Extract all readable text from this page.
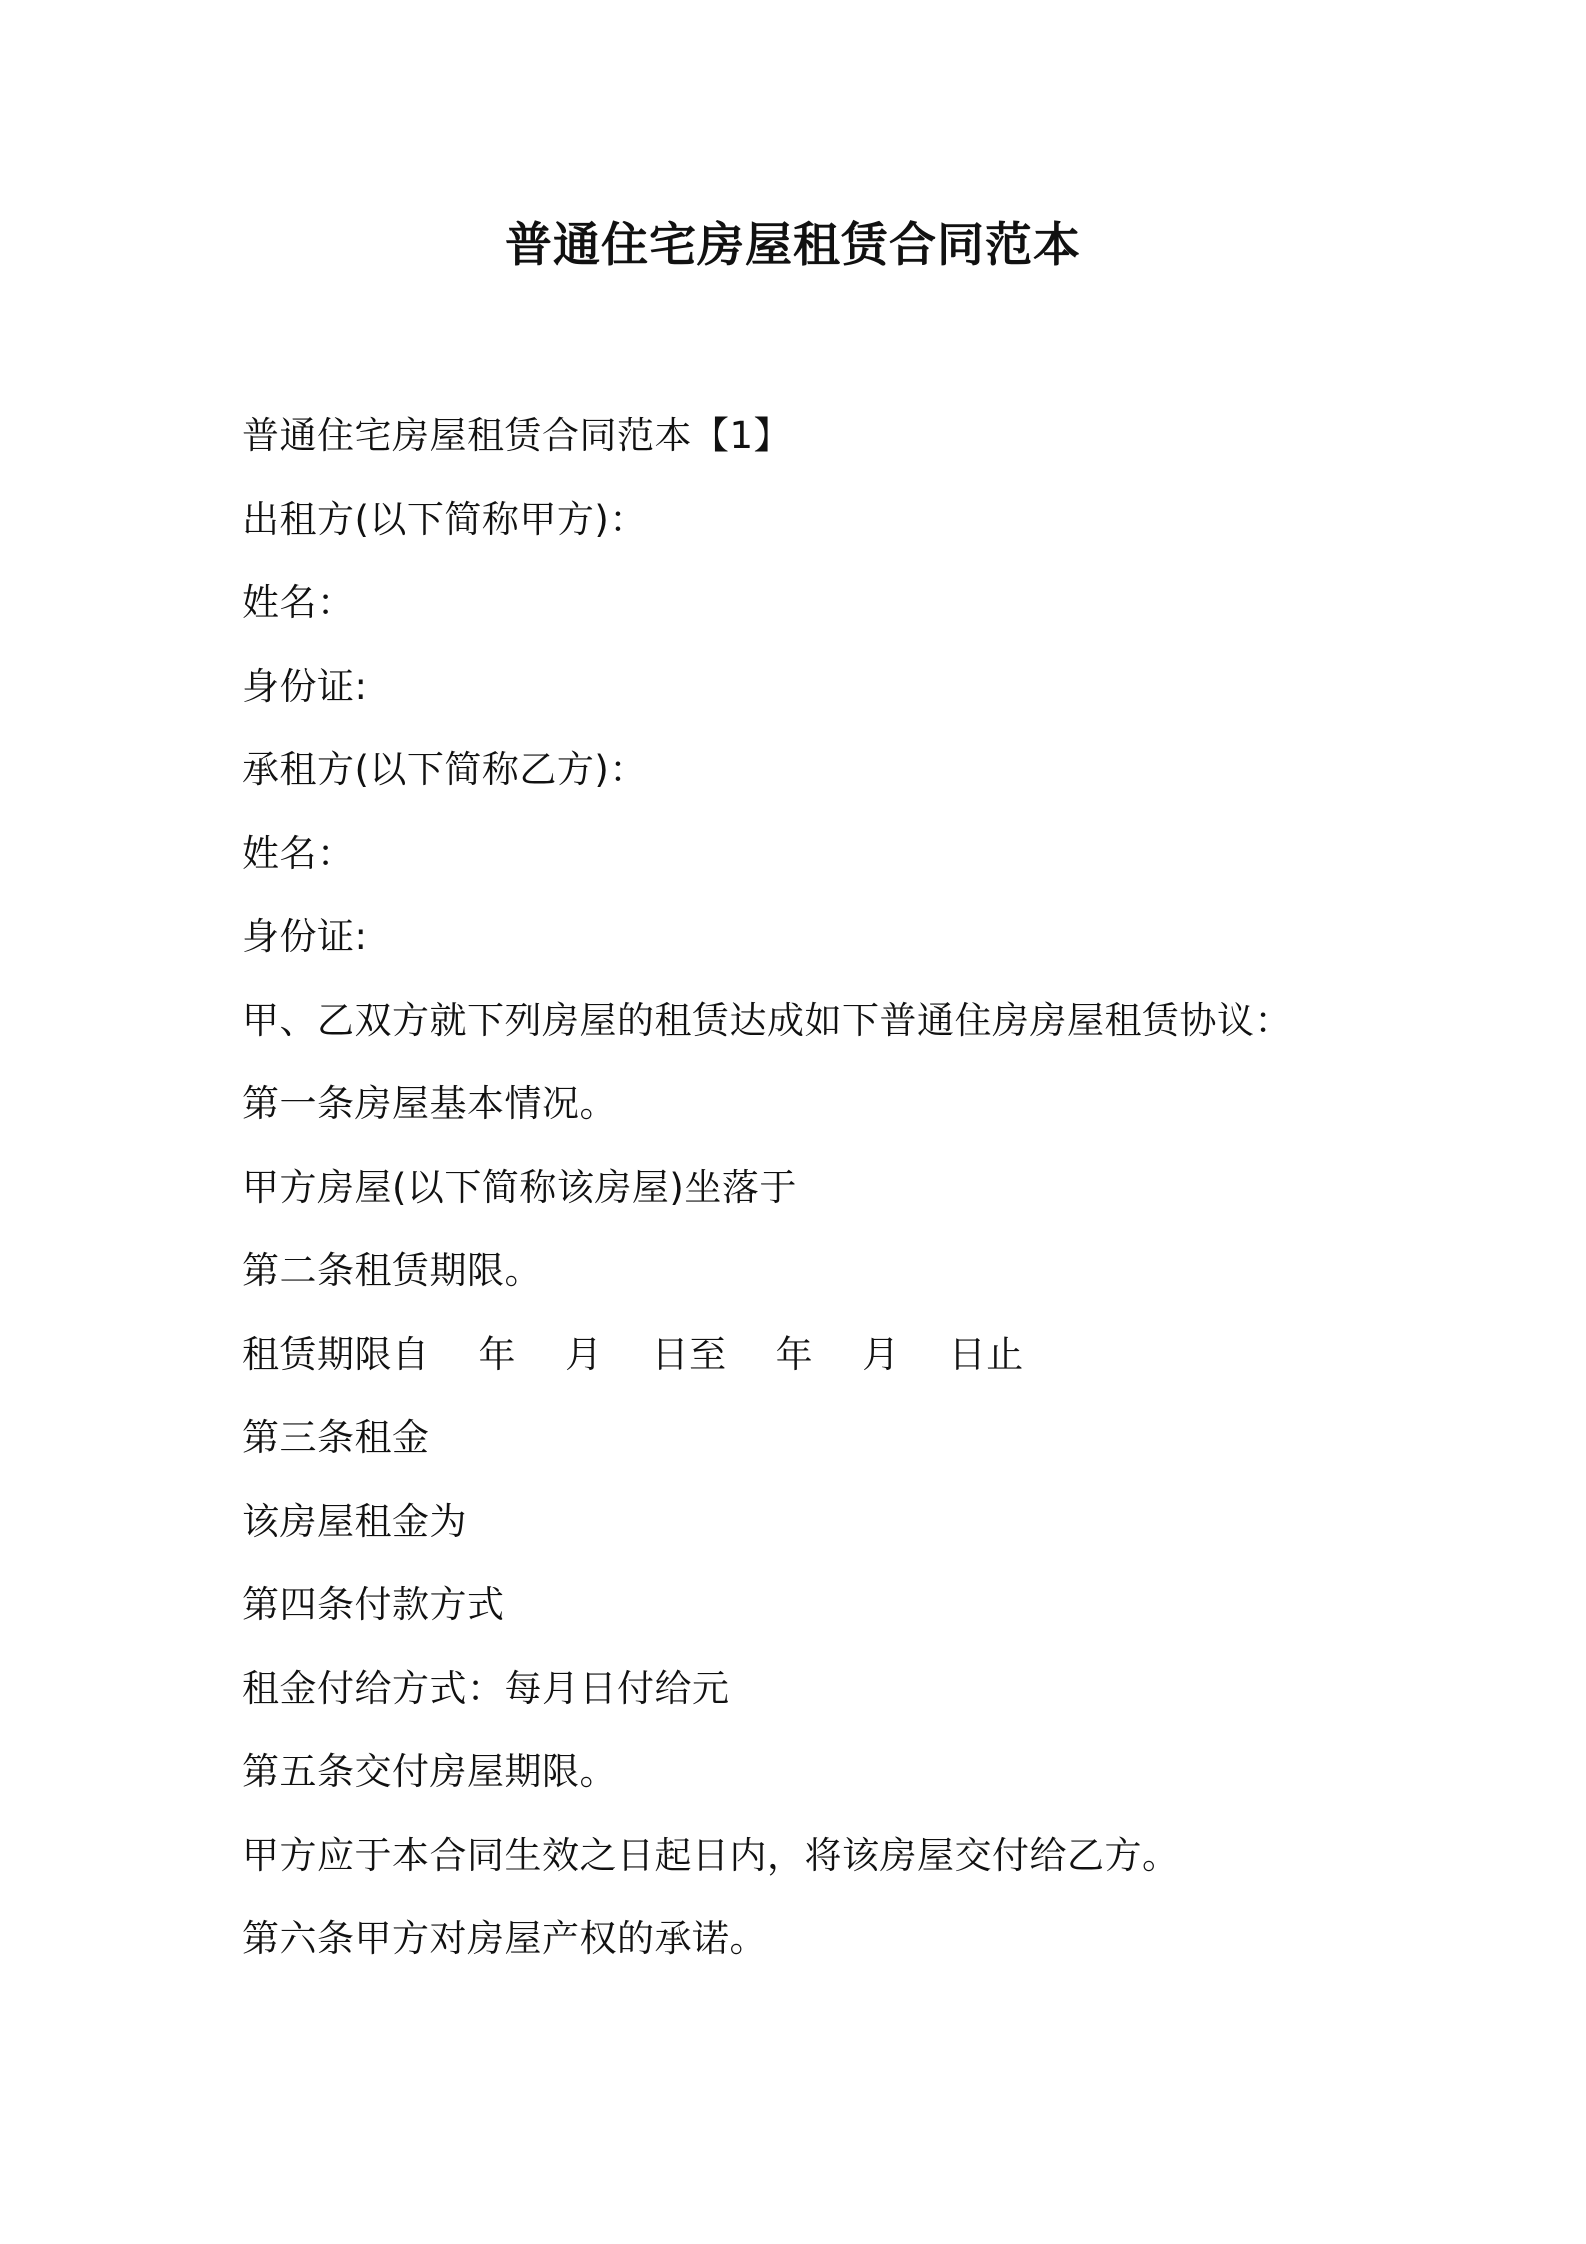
普通住宅房屋租赁合同范本
普通住宅房屋租赁合同范本【1】
出租方(以下简称甲方)：
姓名：
身份证:
承租方(以下简称乙方)：
姓名：
身份证:
甲、乙双方就下列房屋的租赁达成如下普通住房房屋租赁协议：
第一条房屋基本情况。
甲方房屋(以下简称该房屋)坐落于
第二条租赁期限。
租赁期限自    年    月    日至    年    月    日止
第三条租金
该房屋租金为
第四条付款方式
租金付给方式：每月日付给元
第五条交付房屋期限。
甲方应于本合同生效之日起日内，将该房屋交付给乙方。
第六条甲方对房屋产权的承诺。
